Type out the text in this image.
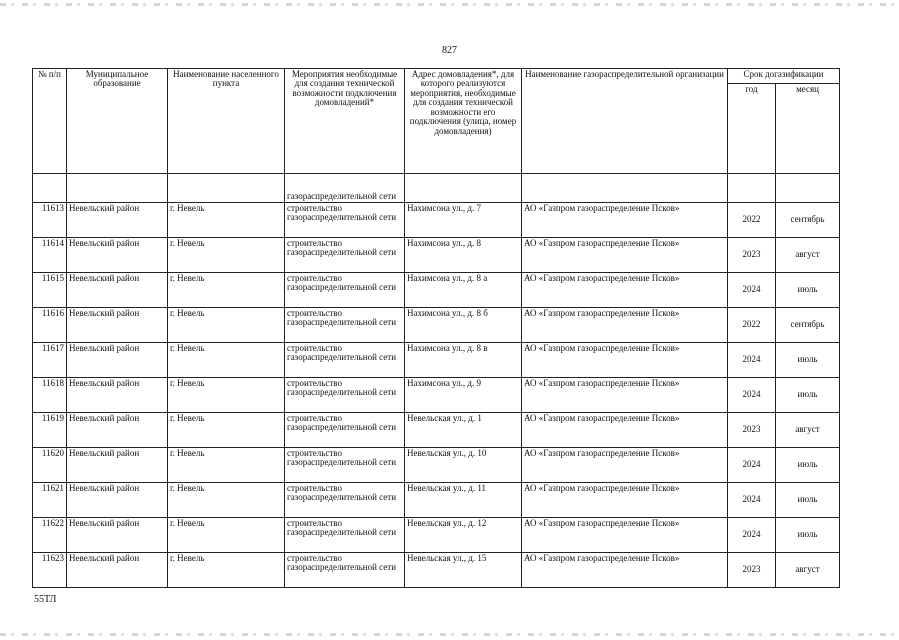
827
№ п/п	Муниципальное образование	Наименование населенного пункта	Мероприятия необходимые для создания технической возможности подключения домовладений*	Адрес домовладения*, для которого реализуются мероприятия, необходимые для создания технической возможности его подключения (улица, номер домовладения)	Наименование газораспределительной организации	Срок догазификации	
						год	месяц
			газораспределительной сети				
11613	Невельский район	г. Невель	строительство газораспределительной сети	Нахимсона ул., д. 7	АО «Газпром газораспределение Псков»	2022	сентябрь
11614	Невельский район	г. Невель	строительство газораспределительной сети	Нахимсона ул., д. 8	АО «Газпром газораспределение Псков»	2023	август
11615	Невельский район	г. Невель	строительство газораспределительной сети	Нахимсона ул., д. 8 а	АО «Газпром газораспределение Псков»	2024	июль
11616	Невельский район	г. Невель	строительство газораспределительной сети	Нахимсона ул., д. 8 б	АО «Газпром газораспределение Псков»	2022	сентябрь
11617	Невельский район	г. Невель	строительство газораспределительной сети	Нахимсона ул., д. 8 в	АО «Газпром газораспределение Псков»	2024	июль
11618	Невельский район	г. Невель	строительство газораспределительной сети	Нахимсона ул., д. 9	АО «Газпром газораспределение Псков»	2024	июль
11619	Невельский район	г. Невель	строительство газораспределительной сети	Невельская ул., д. 1	АО «Газпром газораспределение Псков»	2023	август
11620	Невельский район	г. Невель	строительство газораспределительной сети	Невельская ул., д. 10	АО «Газпром газораспределение Псков»	2024	июль
11621	Невельский район	г. Невель	строительство газораспределительной сети	Невельская ул., д. 11	АО «Газпром газораспределение Псков»	2024	июль
11622	Невельский район	г. Невель	строительство газораспределительной сети	Невельская ул., д. 12	АО «Газпром газораспределение Псков»	2024	июль
11623	Невельский район	г. Невель	строительство газораспределительной сети	Невельская ул., д. 15	АО «Газпром газораспределение Псков»	2023	август
55ТЛ
